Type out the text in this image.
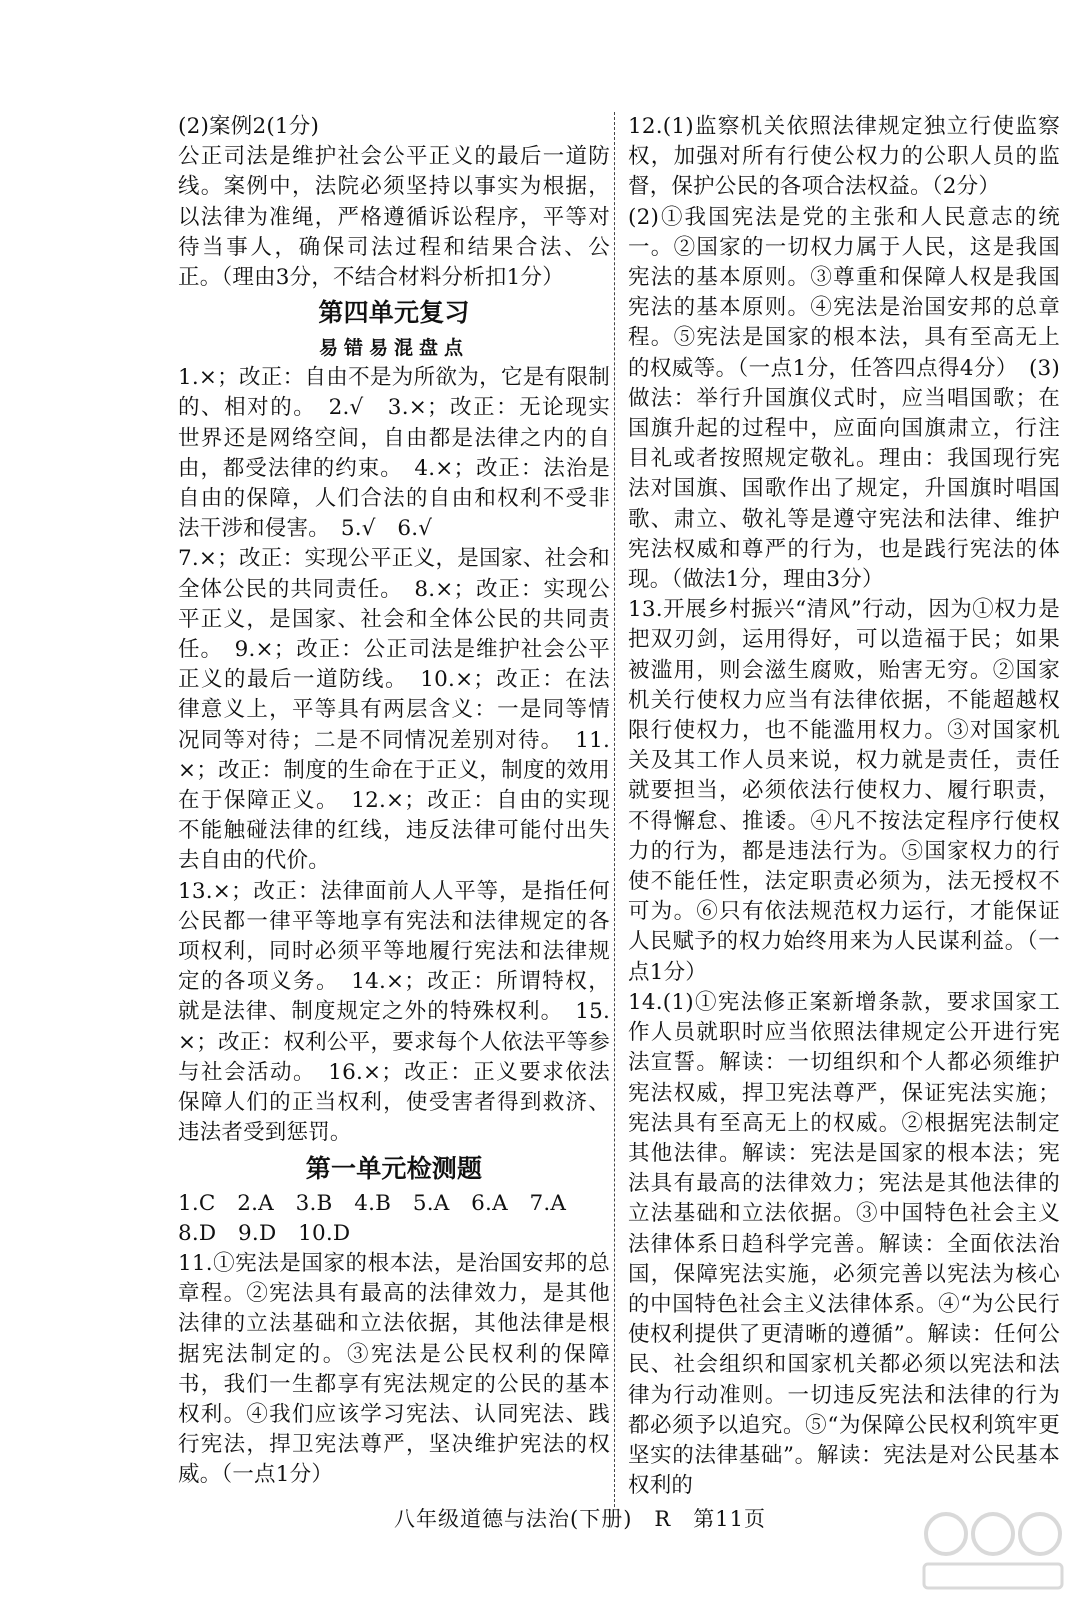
(2)案例2(1分)

公正司法是维护社会公平正义的最后一道防线。案例中，法院必须坚持以事实为根据，以法律为准绳，严格遵循诉讼程序，平等对待当事人，确保司法过程和结果合法、公正。（理由3分，不结合材料分析扣1分）

第四单元复习
易错易混盘点

1.×；改正：自由不是为所欲为，它是有限制的、相对的。　2.√　3.×；改正：无论现实世界还是网络空间，自由都是法律之内的自由，都受法律的约束。　4.×；改正：法治是自由的保障，人们合法的自由和权利不受非法干涉和侵害。　5.√　6.√

7.×；改正：实现公平正义，是国家、社会和全体公民的共同责任。　8.×；改正：实现公平正义，是国家、社会和全体公民的共同责任。　9.×；改正：公正司法是维护社会公平正义的最后一道防线。　10.×；改正：在法律意义上，平等具有两层含义：一是同等情况同等对待；二是不同情况差别对待。　11.×；改正：制度的生命在于正义，制度的效用在于保障正义。　12.×；改正：自由的实现不能触碰法律的红线，违反法律可能付出失去自由的代价。

13.×；改正：法律面前人人平等，是指任何公民都一律平等地享有宪法和法律规定的各项权利，同时必须平等地履行宪法和法律规定的各项义务。　14.×；改正：所谓特权，就是法律、制度规定之外的特殊权利。　15.×；改正：权利公平，要求每个人依法平等参与社会活动。　16.×；改正：正义要求依法保障人们的正当权利，使受害者得到救济、违法者受到惩罚。

第一单元检测题

1.C　2.A　3.B　4.B　5.A　6.A　7.A

8.D　9.D　10.D

11.①宪法是国家的根本法，是治国安邦的总章程。②宪法具有最高的法律效力，是其他法律的立法基础和立法依据，其他法律是根据宪法制定的。③宪法是公民权利的保障书，我们一生都享有宪法规定的公民的基本权利。④我们应该学习宪法、认同宪法、践行宪法，捍卫宪法尊严，坚决维护宪法的权威。（一点1分）

12.(1)监察机关依照法律规定独立行使监察权，加强对所有行使公权力的公职人员的监督，保护公民的各项合法权益。（2分）

(2)①我国宪法是党的主张和人民意志的统一。②国家的一切权力属于人民，这是我国宪法的基本原则。③尊重和保障人权是我国宪法的基本原则。④宪法是治国安邦的总章程。⑤宪法是国家的根本法，具有至高无上的权威等。（一点1分，任答四点得4分）　(3)做法：举行升国旗仪式时，应当唱国歌；在国旗升起的过程中，应面向国旗肃立，行注目礼或者按照规定敬礼。理由：我国现行宪法对国旗、国歌作出了规定，升国旗时唱国歌、肃立、敬礼等是遵守宪法和法律、维护宪法权威和尊严的行为，也是践行宪法的体现。（做法1分，理由3分）

13.开展乡村振兴“清风”行动，因为①权力是把双刃剑，运用得好，可以造福于民；如果被滥用，则会滋生腐败，贻害无穷。②国家机关行使权力应当有法律依据，不能超越权限行使权力，也不能滥用权力。③对国家机关及其工作人员来说，权力就是责任，责任就要担当，必须依法行使权力、履行职责，不得懈怠、推诿。④凡不按法定程序行使权力的行为，都是违法行为。⑤国家权力的行使不能任性，法定职责必须为，法无授权不可为。⑥只有依法规范权力运行，才能保证人民赋予的权力始终用来为人民谋利益。（一点1分）

14.(1)①宪法修正案新增条款，要求国家工作人员就职时应当依照法律规定公开进行宪法宣誓。解读：一切组织和个人都必须维护宪法权威，捍卫宪法尊严，保证宪法实施；宪法具有至高无上的权威。②根据宪法制定其他法律。解读：宪法是国家的根本法；宪法具有最高的法律效力；宪法是其他法律的立法基础和立法依据。③中国特色社会主义法律体系日趋科学完善。解读：全面依法治国，保障宪法实施，必须完善以宪法为核心的中国特色社会主义法律体系。④“为公民行使权利提供了更清晰的遵循”。解读：任何公民、社会组织和国家机关都必须以宪法和法律为行动准则。一切违反宪法和法律的行为都必须予以追究。⑤“为保障公民权利筑牢更坚实的法律基础”。解读：宪法是对公民基本权利的

八年级道德与法治(下册)　R　第11页
